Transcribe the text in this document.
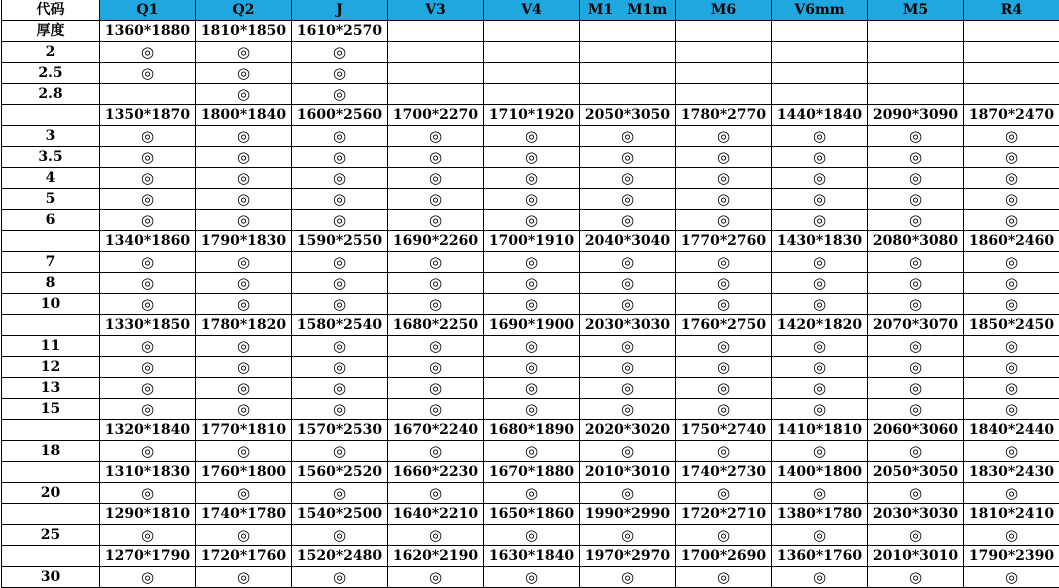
代码	Q1	Q2	J	V3	V4	M1　M1m	M6	V6mm	M5	R4
厚度	1360*1880	1810*1850	1610*2570							
2	◎	◎	◎							
2.5	◎	◎	◎							
2.8		◎	◎							
	1350*1870	1800*1840	1600*2560	1700*2270	1710*1920	2050*3050	1780*2770	1440*1840	2090*3090	1870*2470
3	◎	◎	◎	◎	◎	◎	◎	◎	◎	◎
3.5	◎	◎	◎	◎	◎	◎	◎	◎	◎	◎
4	◎	◎	◎	◎	◎	◎	◎	◎	◎	◎
5	◎	◎	◎	◎	◎	◎	◎	◎	◎	◎
6	◎	◎	◎	◎	◎	◎	◎	◎	◎	◎
	1340*1860	1790*1830	1590*2550	1690*2260	1700*1910	2040*3040	1770*2760	1430*1830	2080*3080	1860*2460
7	◎	◎	◎	◎	◎	◎	◎	◎	◎	◎
8	◎	◎	◎	◎	◎	◎	◎	◎	◎	◎
10	◎	◎	◎	◎	◎	◎	◎	◎	◎	◎
	1330*1850	1780*1820	1580*2540	1680*2250	1690*1900	2030*3030	1760*2750	1420*1820	2070*3070	1850*2450
11	◎	◎	◎	◎	◎	◎	◎	◎	◎	◎
12	◎	◎	◎	◎	◎	◎	◎	◎	◎	◎
13	◎	◎	◎	◎	◎	◎	◎	◎	◎	◎
15	◎	◎	◎	◎	◎	◎	◎	◎	◎	◎
	1320*1840	1770*1810	1570*2530	1670*2240	1680*1890	2020*3020	1750*2740	1410*1810	2060*3060	1840*2440
18	◎	◎	◎	◎	◎	◎	◎	◎	◎	◎
	1310*1830	1760*1800	1560*2520	1660*2230	1670*1880	2010*3010	1740*2730	1400*1800	2050*3050	1830*2430
20	◎	◎	◎	◎	◎	◎	◎	◎	◎	◎
	1290*1810	1740*1780	1540*2500	1640*2210	1650*1860	1990*2990	1720*2710	1380*1780	2030*3030	1810*2410
25	◎	◎	◎	◎	◎	◎	◎	◎	◎	◎
	1270*1790	1720*1760	1520*2480	1620*2190	1630*1840	1970*2970	1700*2690	1360*1760	2010*3010	1790*2390
30	◎	◎	◎	◎	◎	◎	◎	◎	◎	◎
